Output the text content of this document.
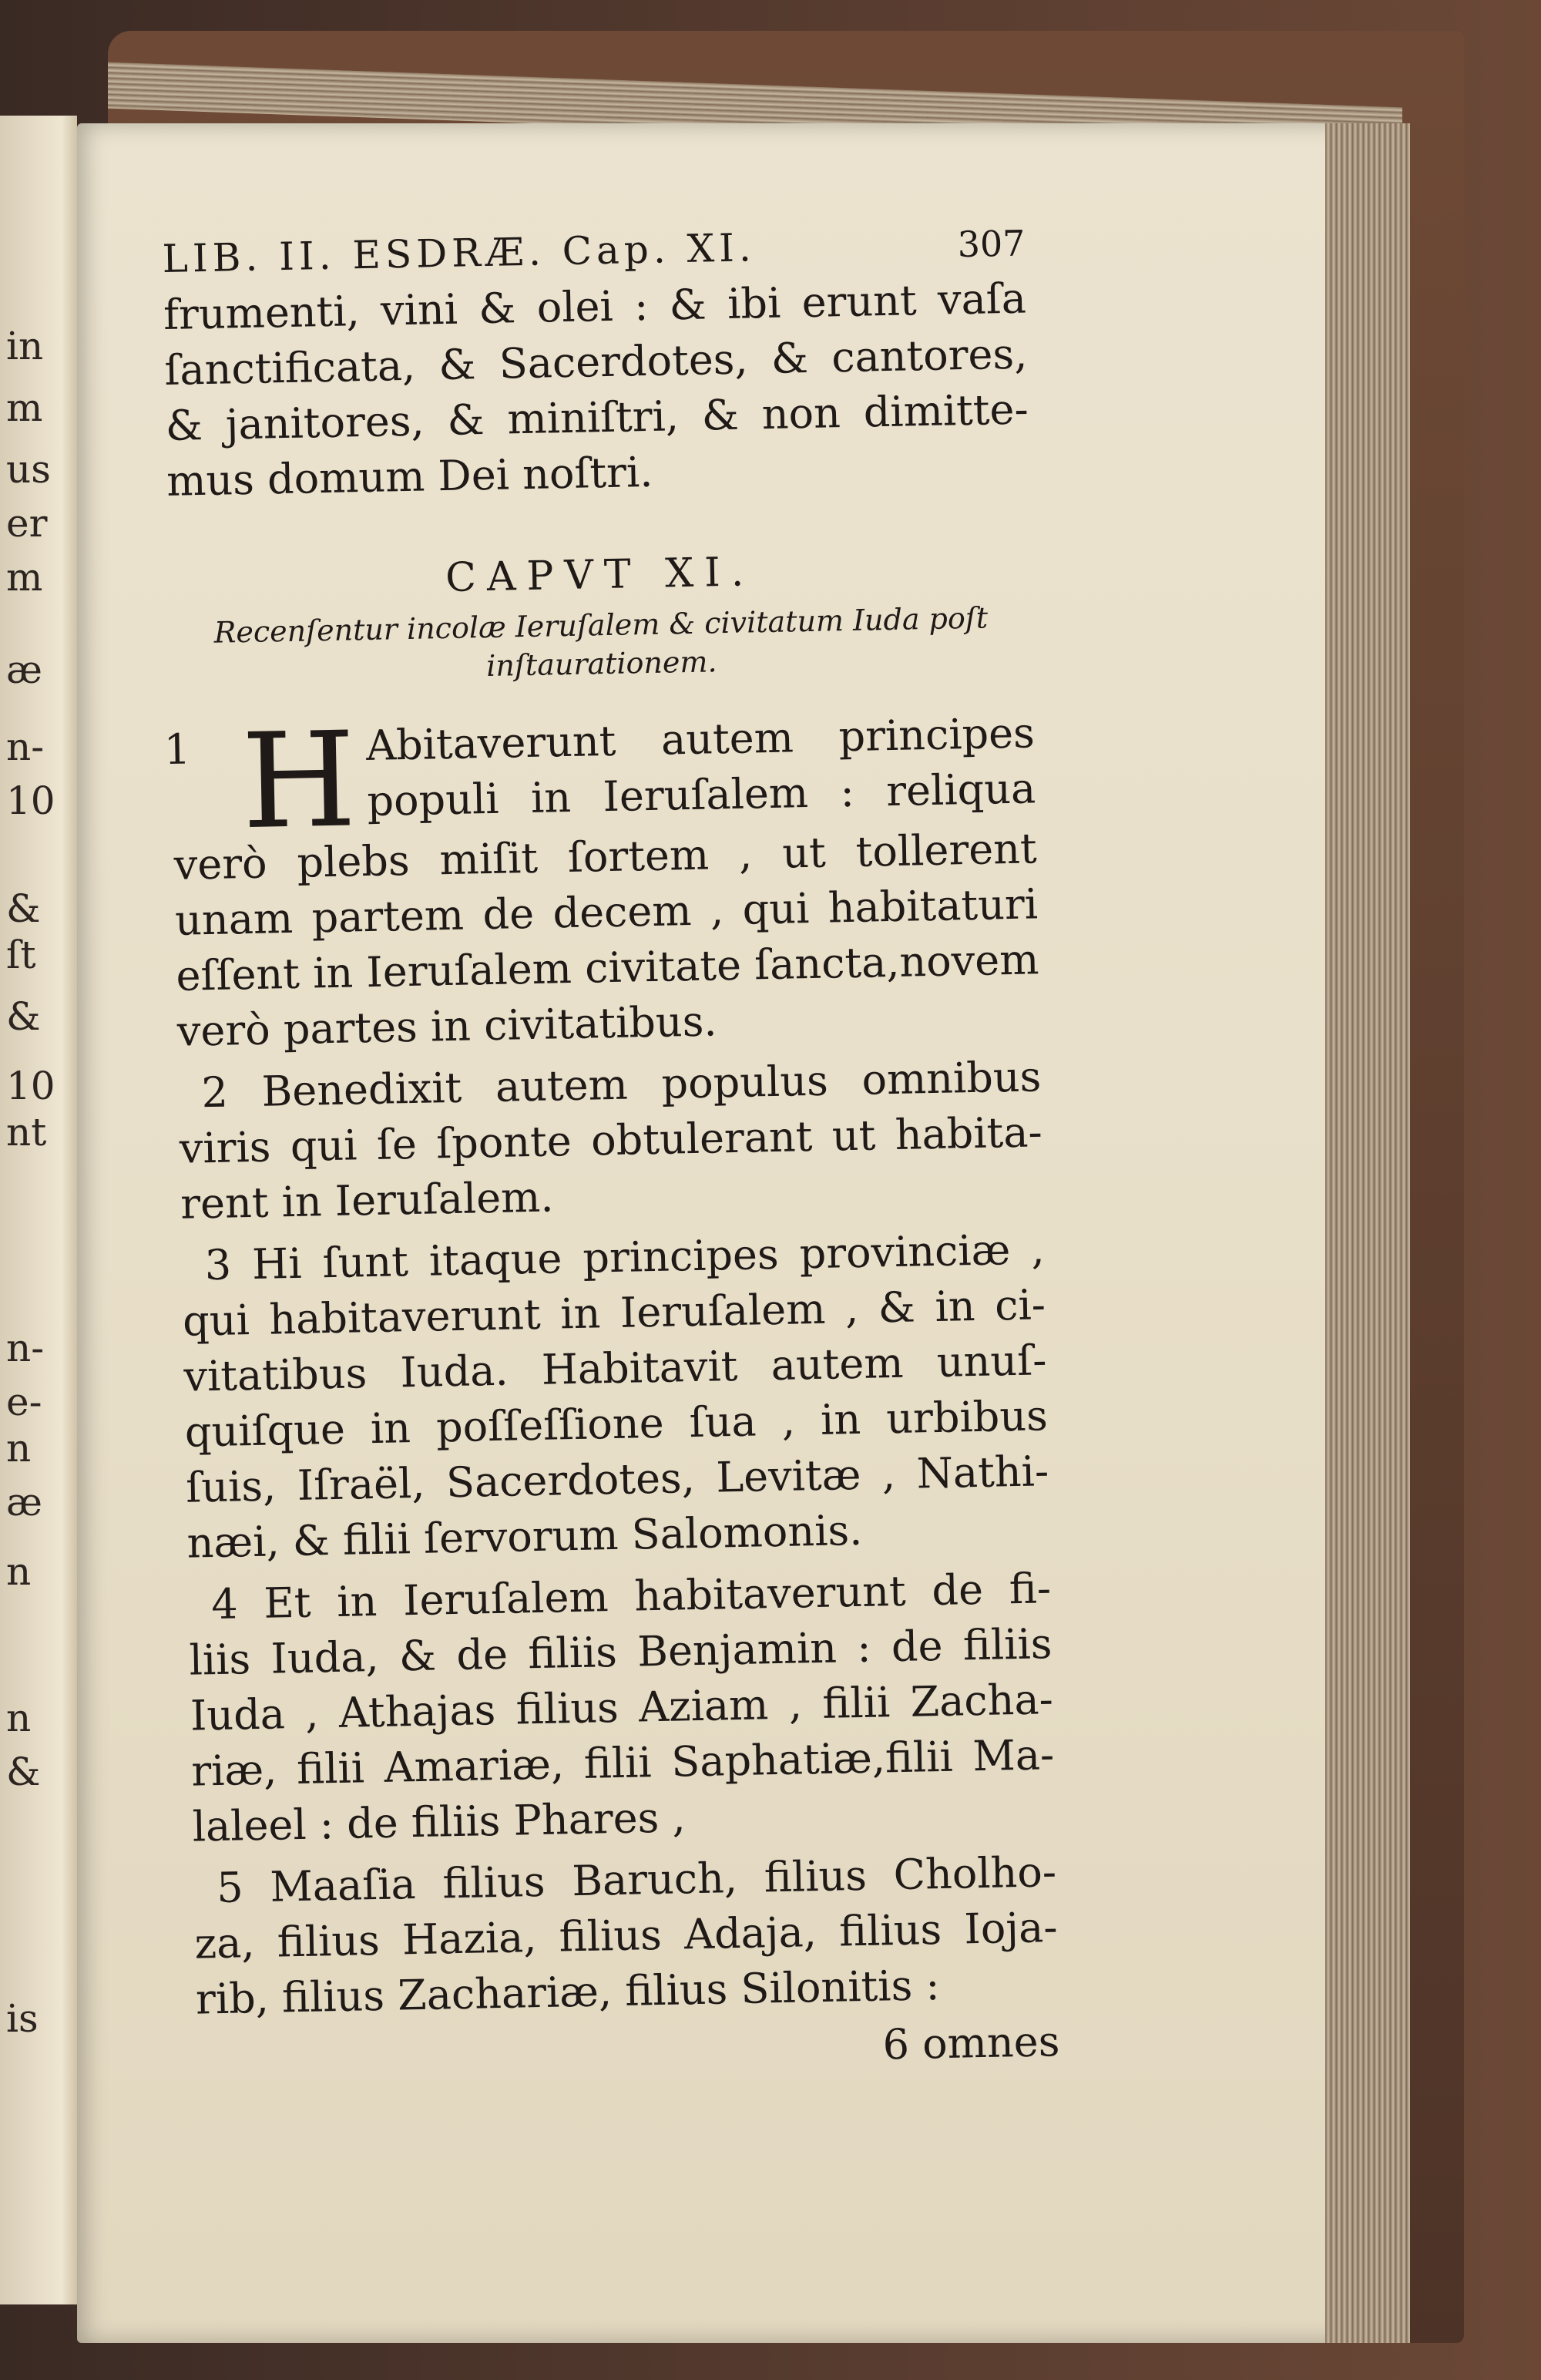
in
m
us
er
m
æ
n-
10
&
ſt
&
10
nt
n-
e-
n
æ
n
n
&
is
LIB. II. ESDRÆ. Cap. XI.	307
frumenti, vini & olei : & ibi erunt vaſa
ſanctificata, & Sacerdotes, & cantores,
& janitores, & miniſtri, & non dimitte-
mus domum Dei noſtri.
CAPVT XI.
Recenſentur incolæ Ieruſalem & civitatum Iuda poſt
inſtaurationem.
1 H Abitaverunt autem principes
populi in Ieruſalem : reliqua
verò plebs miſit ſortem , ut tollerent
unam partem de decem , qui habitaturi
eſſent in Ieruſalem civitate ſancta,novem
verò partes in civitatibus.
2 Benedixit autem populus omnibus
viris qui ſe ſponte obtulerant ut habita-
rent in Ieruſalem.
3 Hi ſunt itaque principes provinciæ ,
qui habitaverunt in Ieruſalem , & in ci-
vitatibus Iuda. Habitavit autem unuſ-
quiſque in poſſeſſione ſua , in urbibus
ſuis, Iſraël, Sacerdotes, Levitæ , Nathi-
næi, & filii ſervorum Salomonis.
4 Et in Ieruſalem habitaverunt de fi-
liis Iuda, & de filiis Benjamin : de filiis
Iuda , Athajas filius Aziam , filii Zacha-
riæ, filii Amariæ, filii Saphatiæ,filii Ma-
laleel : de filiis Phares ,
5 Maaſia filius Baruch, filius Cholho-
za, filius Hazia, filius Adaja, filius Ioja-
rib, filius Zachariæ, filius Silonitis :
6 omnes
